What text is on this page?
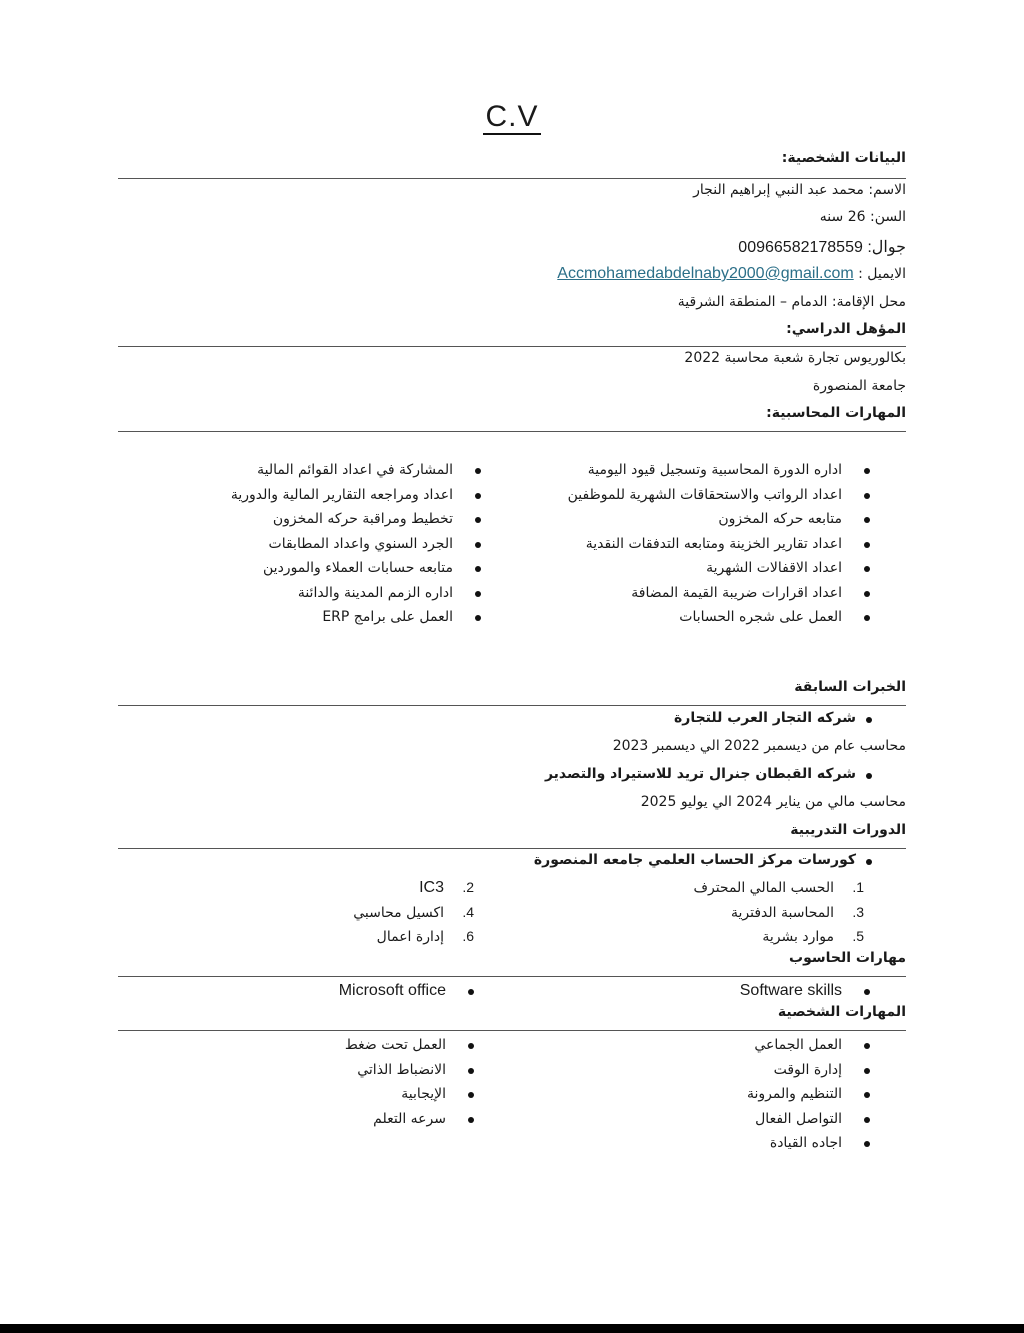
C.V
البيانات الشخصية:
الاسم: محمد عبد النبي إبراهيم النجار
السن: 26 سنه
جوال: 00966582178559
الايميل : Accmohamedabdelnaby2000@gmail.com
محل الإقامة: الدمام – المنطقة الشرقية
المؤهل الدراسي:
بكالوريوس تجارة شعبة محاسبة 2022
جامعة المنصورة
المهارات المحاسبية:
اداره الدورة المحاسبية وتسجيل قيود اليومية
اعداد الرواتب والاستحقاقات الشهرية للموظفين
متابعه حركه المخزون
اعداد تقارير الخزينة ومتابعه التدفقات النقدية
اعداد الاقفالات الشهرية
اعداد اقرارات ضريبة القيمة المضافة
العمل على شجره الحسابات
المشاركة في اعداد القوائم المالية
اعداد ومراجعه التقارير المالية والدورية
تخطيط ومراقبة حركه المخزون
الجرد السنوي واعداد المطابقات
متابعه حسابات العملاء والموردين
اداره الزمم المدينة والدائنة
العمل على برامج ERP
الخبرات السابقة
شركه التجار العرب للتجارة
محاسب عام من ديسمبر 2022 الي ديسمبر 2023
شركه القبطان جنرال تريد للاستيراد والتصدير
محاسب مالي من يناير 2024 الي يوليو 2025
الدورات التدريبية
كورسات مركز الحساب العلمي جامعه المنصورة
1.الحسب المالي المحترف
2.IC3
3.المحاسبة الدفترية
4.اكسيل محاسبي
5.موارد بشرية
6.إدارة اعمال
مهارات الحاسوب
Software skills
Microsoft office
المهارات الشخصية
العمل الجماعي
إدارة الوقت
التنظيم والمرونة
التواصل الفعال
اجاده القيادة
العمل تحت ضغط
الانضباط الذاتي
الإيجابية
سرعه التعلم
